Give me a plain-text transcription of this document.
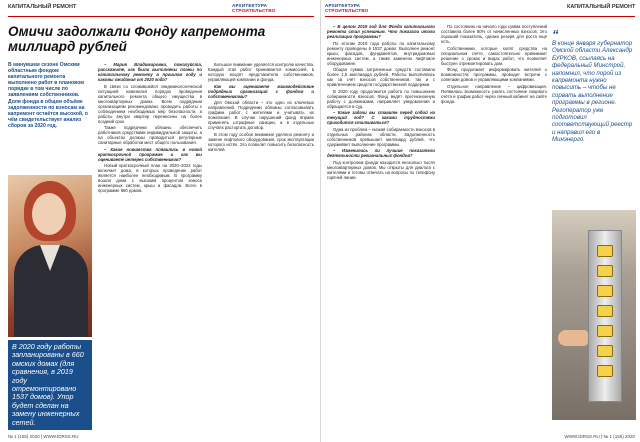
КАПИТАЛЬНЫЙ РЕМОНТ	АРХИТЕКТУРА
СТРОИТЕЛЬСТВО
Омичи задолжали Фонду капремонта миллиард рублей
В минувшем сезоне Омским областным фондом капитального ремонта выполнено работ в плановом порядке в том числе по заявлениям собственников. Доля фонда в общем объёме задолженности по взносам на капремонт остаётся высокой, о чём свидетельствует анализ сборов за 2020 год.
В 2020 году работы запланированы в 660 омских домах (для сравнения, в 2019 году отремонтировано 1537 домов). Упор будет сделан на замену инженерных сетей.

– Мария Владимировна, пожалуйста, расскажите, как были выполнены планы по капитальному ремонту в прошлом году и каковы ожидания от 2020 года?

В связи со сложившейся эпидемиологической ситуацией изменился порядок проведения капитального ремонта общего имущества в многоквартирных домах. Всем подрядным организациям рекомендовано проводить работы с соблюдением необходимых мер безопасности, а работы внутри квартир перенесены на более поздний срок.

Также подрядчики обязаны обеспечить работников средствами индивидуальной защиты, а на объектах должны проводиться регулярные санитарные обработки мест общего пользования.

– Какие новшества появились в новой краткосрочной программе и как вы оцениваете интерес собственников?

Новый краткосрочный план на 2020–2022 годы включает дома, в которых проведение работ является наиболее необходимым. В программу вошли дома с высоким процентом износа инженерных систем, крыш и фасадов. Всего в программе 660 домов.

Большое внимание уделяется контролю качества. Каждый этап работ принимается комиссией, в которую входят представители собственников, управляющей компании и фонда.

Как вы оцениваете взаимодействие подрядных организаций с фондом и собственниками?

Для Омской области – это одно из ключевых направлений. Подрядчики обязаны согласовывать графики работ с жителями и учитывать их пожелания. В случае нарушений фонд вправе применять штрафные санкции, а в отдельных случаях расторгать договор.

В этом году особое внимание уделено ремонту и замене лифтового оборудования, срок эксплуатации которого истёк. Это позволит повысить безопасность жителей.

№ 1 (155) 2020 | WWW.IDRSS.RU
АРХИТЕКТУРА
СТРОИТЕЛЬСТВО
КАПИТАЛЬНЫЙ РЕМОНТ

– В целом 2019 год для Фонда капитального ремонта стал успешным. Что показали итоги реализации программы?

По итогам 2019 года работы по капитальному ремонту проведены в 1537 домах. Выполнен ремонт крыш, фасадов, фундаментов, внутридомовых инженерных систем, а также заменено лифтовое оборудование.

Общая сумма затраченных средств составила более 1,5 миллиарда рублей. Работы выполнялись как за счёт взносов собственников, так и с привлечением средств государственной поддержки.

В 2020 году продолжится работа по повышению собираемости взносов. Фонд ведёт претензионную работу с должниками, направляет уведомления и обращается в суд.

– Какие задачи вы ставите перед собой на текущий год? С какими трудностями приходится сталкиваться?

Одна из проблем – низкая собираемость взносов в отдельных районах области. Задолженность собственников превышает миллиард рублей, что сдерживает выполнение программы.

– Изменились ли лучшие показатели деятельности региональных фондов?

Под контролем фонда находится несколько тысяч многоквартирных домов. Мы открыты для диалога с жителями и готовы отвечать на вопросы по телефону горячей линии.

По состоянию на начало года сумма поступлений составила более 80% от начисленных взносов. Это хороший показатель, однако резерв для роста ещё есть.

Собственники, которые копят средства на специальном счёте, самостоятельно принимают решение о сроках и видах работ, что позволяет быстрее отремонтировать дом.

Фонд продолжает информировать жителей о возможностях программы, проводит встречи с советами домов и управляющими компаниями.

Отдельное направление – цифровизация. Появилась возможность узнать состояние лицевого счёта и график работ через личный кабинет на сайте фонда.

WWW.IDRSS.RU | № 1 (155) 2020
“
В конце января губернатор Омской области Александр БУРКОВ, ссылаясь на федеральный Минстрой, напомнил, что порой из капремонта нужно повысить – чтобы не сорвать выполнение программы в регионе. Регоператор уже подготовил соответствующий реестр и направил его в Минэнерго.
